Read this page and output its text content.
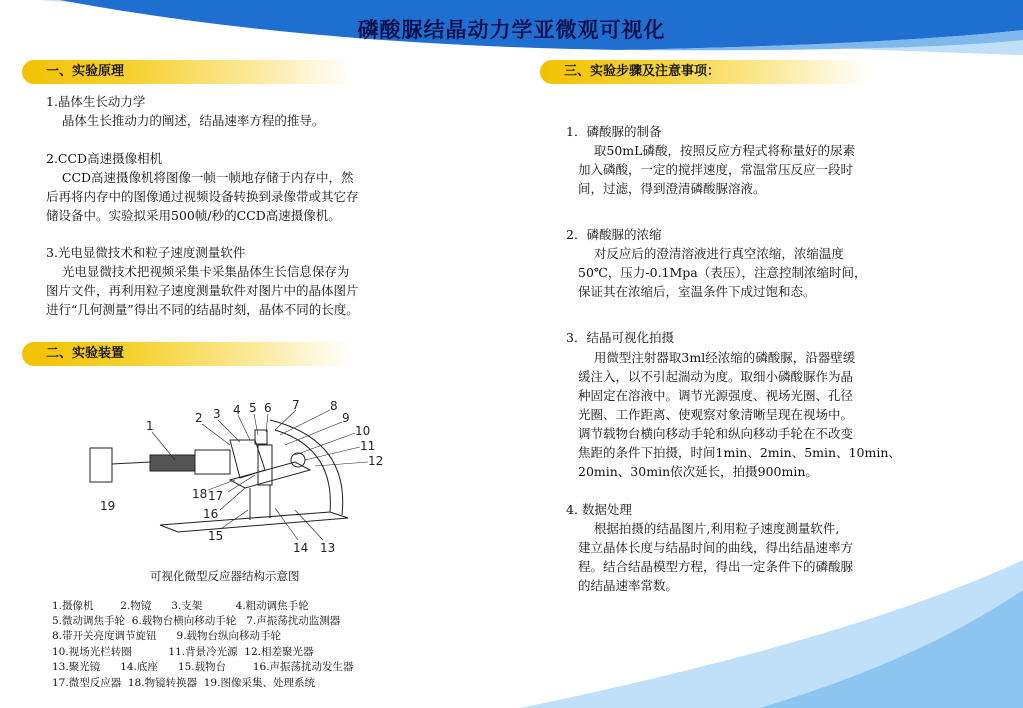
磷酸脲结晶动力学亚微观可视化
一、实验原理
二、实验装置
三、实验步骤及注意事项：
1.晶体生长动力学
晶体生长推动力的阐述，结晶速率方程的推导。
2.CCD高速摄像相机
CCD高速摄像机将图像一帧一帧地存储于内存中，然
后再将内存中的图像通过视频设备转换到录像带或其它存
储设备中。实验拟采用500帧/秒的CCD高速摄像机。
3.光电显微技术和粒子速度测量软件
光电显微技术把视频采集卡采集晶体生长信息保存为
图片文件，再利用粒子速度测量软件对图片中的晶体图片
进行“几何测量”得出不同的结晶时刻，晶体不同的长度。
1
2 3 4 5 6 7	8
9
10
11
12
13
14
15
16
17
18
19
可视化微型反应器结构示意图
1.摄像机        2.物镜      3.支架          4.粗动调焦手轮
5.微动调焦手轮  6.载物台横向移动手轮   7.声振荡扰动监测器
8.带开关亮度调节旋钮      9.载物台纵向移动手轮
10.视场光栏转圈           11.背景冷光源  12.相差聚光器
13.聚光镜      14.底座      15.载物台        16.声振荡扰动发生器
17.微型反应器  18.物镜转换器  19.图像采集、处理系统
1．磷酸脲的制备
取50mL磷酸，按照反应方程式将称量好的尿素
加入磷酸，一定的搅拌速度，常温常压反应一段时
间，过滤，得到澄清磷酸脲溶液。
2．磷酸脲的浓缩
对反应后的澄清溶液进行真空浓缩，浓缩温度
50℃，压力-0.1Mpa（表压），注意控制浓缩时间，
保证其在浓缩后，室温条件下成过饱和态。
3．结晶可视化拍摄
用微型注射器取3ml经浓缩的磷酸脲，沿器壁缓
缓注入，以不引起湍动为度。取细小磷酸脲作为晶
种固定在溶液中。调节光源强度、视场光圈、孔径
光圈、工作距离、使观察对象清晰呈现在视场中。
调节载物台横向移动手轮和纵向移动手轮在不改变
焦距的条件下拍摄，时间1min、2min、5min、10min、
20min、30min依次延长，拍摄900min。
4. 数据处理
根据拍摄的结晶图片,利用粒子速度测量软件,
建立晶体长度与结晶时间的曲线，得出结晶速率方
程。结合结晶模型方程，得出一定条件下的磷酸脲
的结晶速率常数。
